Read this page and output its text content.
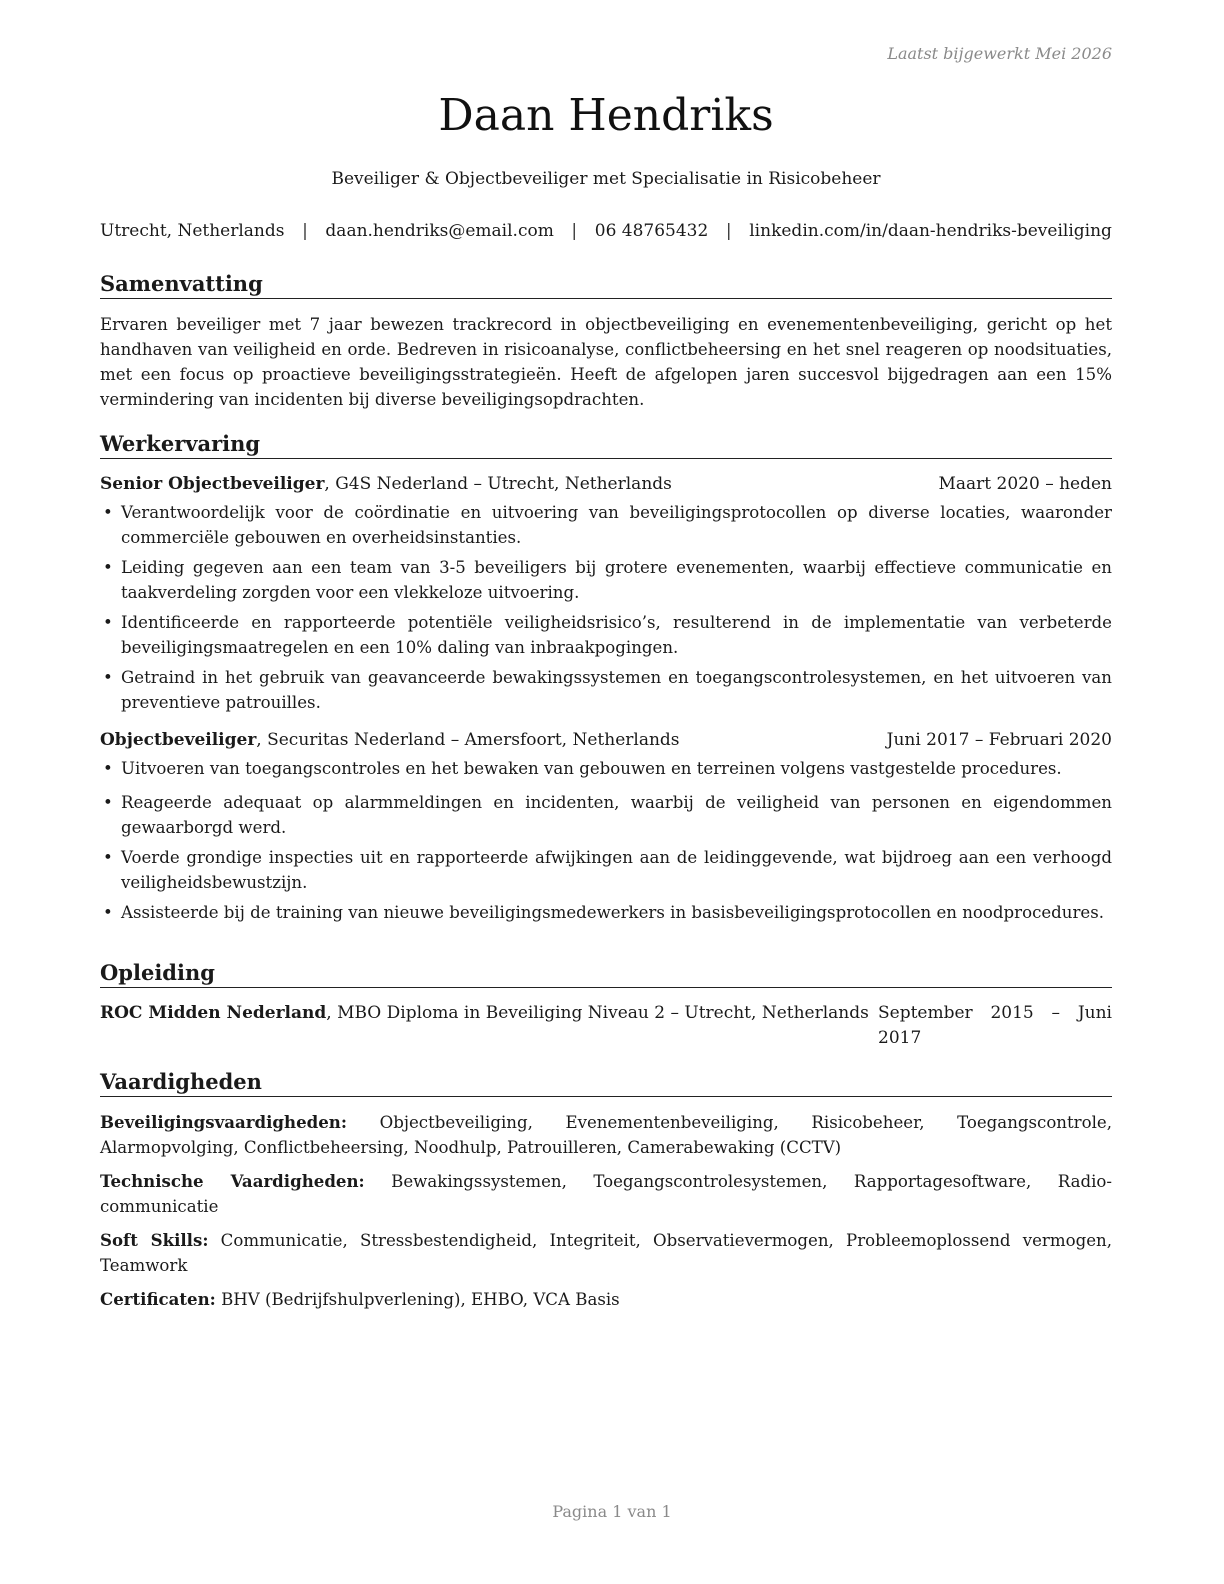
Laatst bijgewerkt Mei 2026
Daan Hendriks
Beveiliger & Objectbeveiliger met Specialisatie in Risicobeheer
Utrecht, Netherlands | daan.hendriks@email.com | 06 48765432 | linkedin.com/in/daan-hendriks-beveiliging
Samenvatting

Ervaren beveiliger met 7 jaar bewezen trackrecord in objectbeveiliging en evenementenbeveiliging, gericht op het handhaven van veiligheid en orde. Bedreven in risicoanalyse, conflictbeheersing en het snel reageren op noodsituaties, met een focus op proactieve beveiligingsstrategieën. Heeft de afgelopen jaren succesvol bijgedragen aan een 15% vermindering van incidenten bij diverse beveiligingsopdrachten.

Werkervaring
Senior Objectbeveiliger, G4S Nederland – Utrecht, Netherlands	Maart 2020 – heden
• Verantwoordelijk voor de coördinatie en uitvoering van beveiligingsprotocollen op diverse locaties, waaronder commerciële gebouwen en overheidsinstanties.
• Leiding gegeven aan een team van 3-5 beveiligers bij grotere evenementen, waarbij effectieve communicatie en taakverdeling zorgden voor een vlekkeloze uitvoering.
• Identificeerde en rapporteerde potentiële veiligheidsrisico’s, resulterend in de implementatie van verbeterde beveiligingsmaatregelen en een 10% daling van inbraakpogingen.
• Getraind in het gebruik van geavanceerde bewakingssystemen en toegangscontrolesystemen, en het uitvoeren van preventieve patrouilles.
Objectbeveiliger, Securitas Nederland – Amersfoort, Netherlands	Juni 2017 – Februari 2020
• Uitvoeren van toegangscontroles en het bewaken van gebouwen en terreinen volgens vastgestelde procedures.
• Reageerde adequaat op alarmmeldingen en incidenten, waarbij de veiligheid van personen en eigendommen gewaarborgd werd.
• Voerde grondige inspecties uit en rapporteerde afwijkingen aan de leidinggevende, wat bijdroeg aan een verhoogd veiligheidsbewustzijn.
• Assisteerde bij de training van nieuwe beveiligingsmedewerkers in basisbeveiligingsprotocollen en noodprocedures.
Opleiding
ROC Midden Nederland, MBO Diploma in Beveiliging Niveau 2 – Utrecht, Netherlands September 2015 – Juni 2017
Vaardigheden

Beveiligingsvaardigheden: Objectbeveiliging, Evenementenbeveiliging, Risicobeheer, Toegangscontrole, Alarmopvolging, Conflictbeheersing, Noodhulp, Patrouilleren, Camerabewaking (CCTV)

Technische Vaardigheden: Bewakingssystemen, Toegangscontrolesystemen, Rapportagesoftware, Radio-communicatie

Soft Skills: Communicatie, Stressbestendigheid, Integriteit, Observatievermogen, Probleemoplossend vermogen, Teamwork

Certificaten: BHV (Bedrijfshulpverlening), EHBO, VCA Basis

Pagina 1 van 1
